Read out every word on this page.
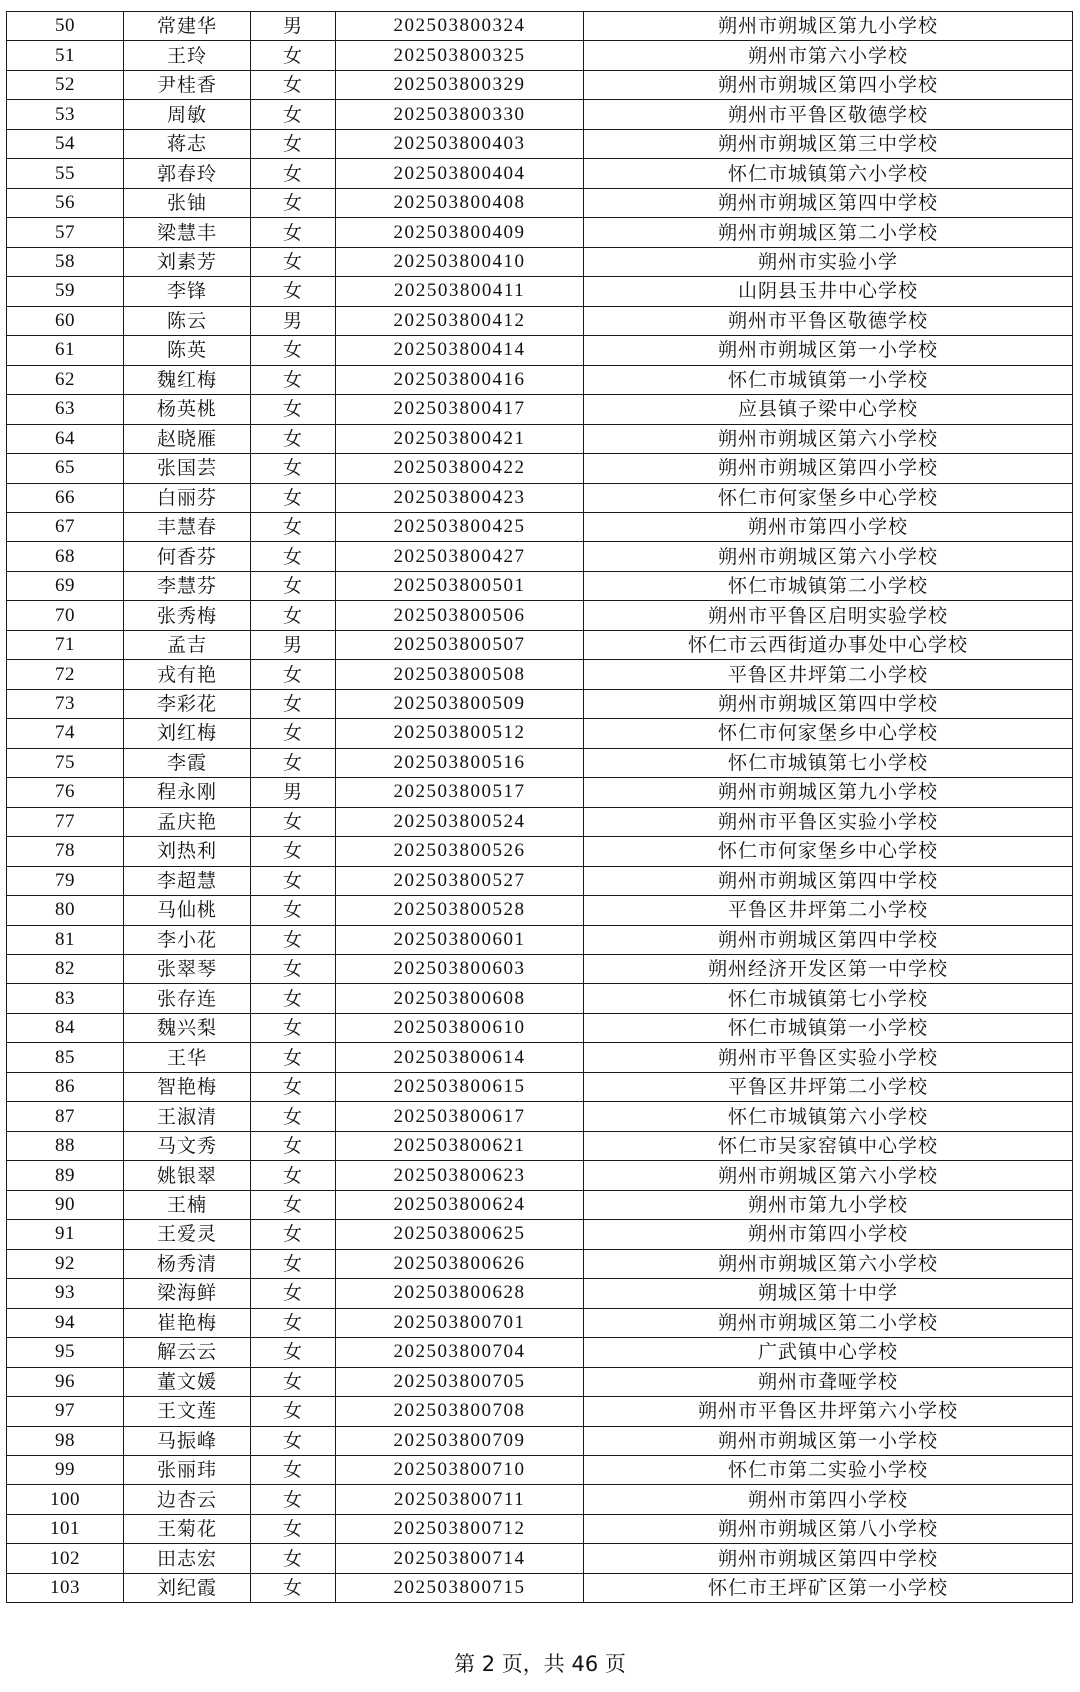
50	常建华	男	202503800324	朔州市朔城区第九小学校
51	王玲	女	202503800325	朔州市第六小学校
52	尹桂香	女	202503800329	朔州市朔城区第四小学校
53	周敏	女	202503800330	朔州市平鲁区敬德学校
54	蒋志	女	202503800403	朔州市朔城区第三中学校
55	郭春玲	女	202503800404	怀仁市城镇第六小学校
56	张铀	女	202503800408	朔州市朔城区第四中学校
57	梁慧丰	女	202503800409	朔州市朔城区第二小学校
58	刘素芳	女	202503800410	朔州市实验小学
59	李锋	女	202503800411	山阴县玉井中心学校
60	陈云	男	202503800412	朔州市平鲁区敬德学校
61	陈英	女	202503800414	朔州市朔城区第一小学校
62	魏红梅	女	202503800416	怀仁市城镇第一小学校
63	杨英桃	女	202503800417	应县镇子梁中心学校
64	赵晓雁	女	202503800421	朔州市朔城区第六小学校
65	张国芸	女	202503800422	朔州市朔城区第四小学校
66	白丽芬	女	202503800423	怀仁市何家堡乡中心学校
67	丰慧春	女	202503800425	朔州市第四小学校
68	何香芬	女	202503800427	朔州市朔城区第六小学校
69	李慧芬	女	202503800501	怀仁市城镇第二小学校
70	张秀梅	女	202503800506	朔州市平鲁区启明实验学校
71	孟吉	男	202503800507	怀仁市云西街道办事处中心学校
72	戎有艳	女	202503800508	平鲁区井坪第二小学校
73	李彩花	女	202503800509	朔州市朔城区第四中学校
74	刘红梅	女	202503800512	怀仁市何家堡乡中心学校
75	李霞	女	202503800516	怀仁市城镇第七小学校
76	程永刚	男	202503800517	朔州市朔城区第九小学校
77	孟庆艳	女	202503800524	朔州市平鲁区实验小学校
78	刘热利	女	202503800526	怀仁市何家堡乡中心学校
79	李超慧	女	202503800527	朔州市朔城区第四中学校
80	马仙桃	女	202503800528	平鲁区井坪第二小学校
81	李小花	女	202503800601	朔州市朔城区第四中学校
82	张翠琴	女	202503800603	朔州经济开发区第一中学校
83	张存连	女	202503800608	怀仁市城镇第七小学校
84	魏兴梨	女	202503800610	怀仁市城镇第一小学校
85	王华	女	202503800614	朔州市平鲁区实验小学校
86	智艳梅	女	202503800615	平鲁区井坪第二小学校
87	王淑清	女	202503800617	怀仁市城镇第六小学校
88	马文秀	女	202503800621	怀仁市吴家窑镇中心学校
89	姚银翠	女	202503800623	朔州市朔城区第六小学校
90	王楠	女	202503800624	朔州市第九小学校
91	王爱灵	女	202503800625	朔州市第四小学校
92	杨秀清	女	202503800626	朔州市朔城区第六小学校
93	梁海鲜	女	202503800628	朔城区第十中学
94	崔艳梅	女	202503800701	朔州市朔城区第二小学校
95	解云云	女	202503800704	广武镇中心学校
96	董文媛	女	202503800705	朔州市聋哑学校
97	王文莲	女	202503800708	朔州市平鲁区井坪第六小学校
98	马振峰	女	202503800709	朔州市朔城区第一小学校
99	张丽玮	女	202503800710	怀仁市第二实验小学校
100	边杏云	女	202503800711	朔州市第四小学校
101	王菊花	女	202503800712	朔州市朔城区第八小学校
102	田志宏	女	202503800714	朔州市朔城区第四中学校
103	刘纪霞	女	202503800715	怀仁市王坪矿区第一小学校
第 2 页，共 46 页
